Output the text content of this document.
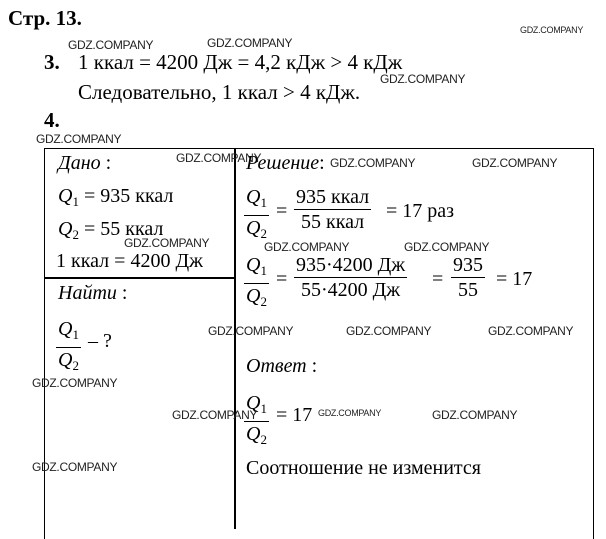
Стр. 13.
3. 1 ккал = 4200 Дж = 4,2 кДж > 4 кДж
Следовательно, 1 ккал > 4 кДж.
4.
Дано :
$Q_1 = 935$ ккал
$Q_2 = 55$ ккал
1 ккал = 4200 Дж
Найти :
$Q_1$
$Q_2$
– ?
Решение:
$Q_1$
$Q_2$
=
935 ккал
55 ккал
= 17 раз
$Q_1$
$Q_2$
=
935·4200 Дж
55·4200 Дж
=
935
55
= 17
Ответ :
$Q_1$
$Q_2$
= 17
Соотношение не изменится
GDZ.COMPANY
GDZ.COMPANY	GDZ.COMPANY
GDZ.COMPANY
GDZ.COMPANY
GDZ.COMPANY	GDZ.COMPANY	GDZ.COMPANY
GDZ.COMPANY	GDZ.COMPANY	GDZ.COMPANY
GDZ.COMPANY	GDZ.COMPANY	GDZ.COMPANY
GDZ.COMPANY
GDZ.COMPANY	GDZ.COMPANY	GDZ.COMPANY
GDZ.COMPANY
